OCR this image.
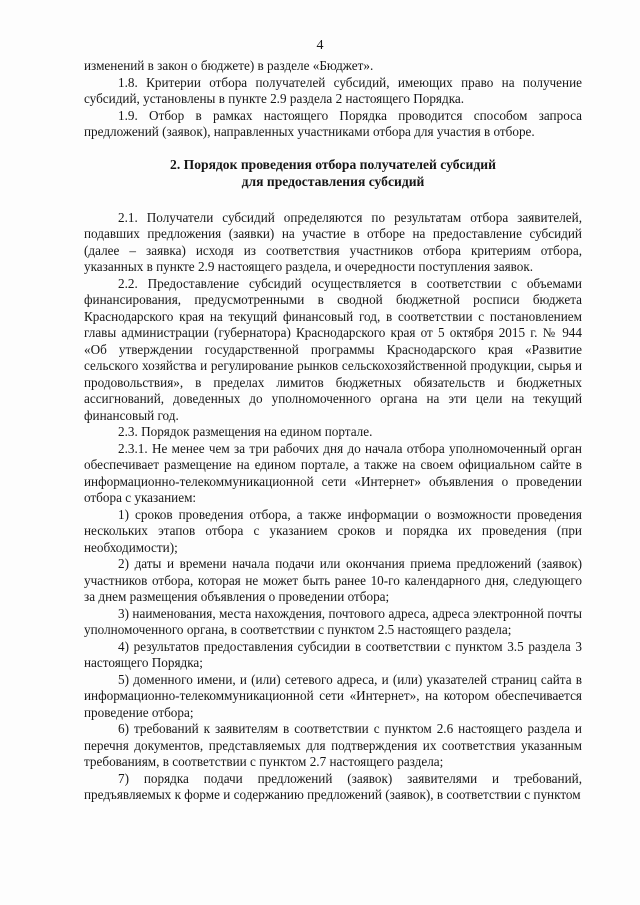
4

изменений в закон о бюджете) в разделе «Бюджет».

1.8. Критерии отбора получателей субсидий, имеющих право на получение субсидий, установлены в пункте 2.9 раздела 2 настоящего Порядка.

1.9. Отбор в рамках настоящего Порядка проводится способом запроса предложений (заявок), направленных участниками отбора для участия в отборе.

2. Порядок проведения отбора получателей субсидий

для предоставления субсидий

2.1. Получатели субсидий определяются по результатам отбора заявителей, подавших предложения (заявки) на участие в отборе на предоставление субсидий (далее – заявка) исходя из соответствия участников отбора критериям отбора, указанных в пункте 2.9 настоящего раздела, и очередности поступления заявок.

2.2. Предоставление субсидий осуществляется в соответствии с объемами финансирования, предусмотренными в сводной бюджетной росписи бюджета Краснодарского края на текущий финансовый год, в соответствии с постановлением главы администрации (губернатора) Краснодарского края от 5 октября 2015 г. № 944 «Об утверждении государственной программы Краснодарского края «Развитие сельского хозяйства и регулирование рынков сельскохозяйственной продукции, сырья и продовольствия», в пределах лимитов бюджетных обязательств и бюджетных ассигнований, доведенных до уполномоченного органа на эти цели на текущий финансовый год.

2.3. Порядок размещения на едином портале.

2.3.1. Не менее чем за три рабочих дня до начала отбора уполномоченный орган обеспечивает размещение на едином портале, а также на своем официальном сайте в информационно-телекоммуникационной сети «Интернет» объявления о проведении отбора с указанием:

1) сроков проведения отбора, а также информации о возможности проведения нескольких этапов отбора с указанием сроков и порядка их проведения (при необходимости);

2) даты и времени начала подачи или окончания приема предложений (заявок) участников отбора, которая не может быть ранее 10-го календарного дня, следующего за днем размещения объявления о проведении отбора;

3) наименования, места нахождения, почтового адреса, адреса электронной почты уполномоченного органа, в соответствии с пунктом 2.5 настоящего раздела;

4) результатов предоставления субсидии в соответствии с пунктом 3.5 раздела 3 настоящего Порядка;

5) доменного имени, и (или) сетевого адреса, и (или) указателей страниц сайта в информационно-телекоммуникационной сети «Интернет», на котором обеспечивается проведение отбора;

6) требований к заявителям в соответствии с пунктом 2.6 настоящего раздела и перечня документов, представляемых для подтверждения их соответствия указанным требованиям, в соответствии с пунктом 2.7 настоящего раздела;

7) порядка подачи предложений (заявок) заявителями и требований, предъявляемых к форме и содержанию предложений (заявок), в соответствии с пунктом
